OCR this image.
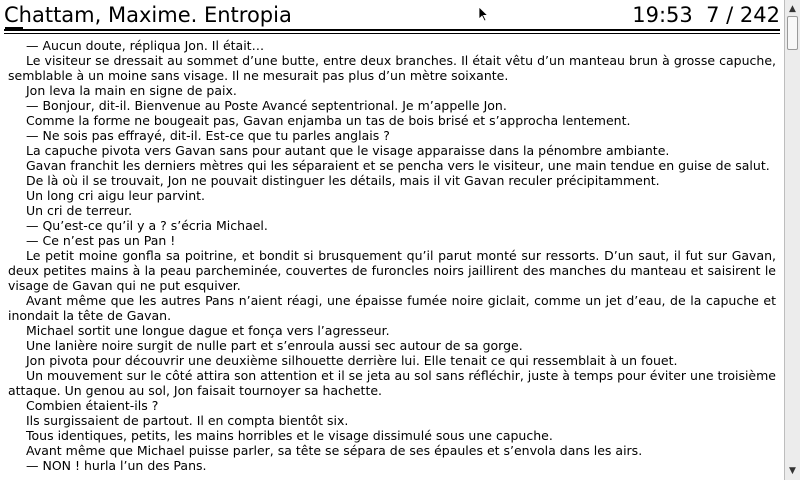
Chattam, Maxime. Entropia	19:53 7 / 242

— Aucun doute, répliqua Jon. Il était…

Le visiteur se dressait au sommet d’une butte, entre deux branches. Il était vêtu d’un manteau brun à grosse capuche, semblable à un moine sans visage. Il ne mesurait pas plus d’un mètre soixante.

Jon leva la main en signe de paix.

— Bonjour, dit-il. Bienvenue au Poste Avancé septentrional. Je m’appelle Jon.

Comme la forme ne bougeait pas, Gavan enjamba un tas de bois brisé et s’approcha lentement.

— Ne sois pas effrayé, dit-il. Est-ce que tu parles anglais ?

La capuche pivota vers Gavan sans pour autant que le visage apparaisse dans la pénombre ambiante.

Gavan franchit les derniers mètres qui les séparaient et se pencha vers le visiteur, une main tendue en guise de salut.

De là où il se trouvait, Jon ne pouvait distinguer les détails, mais il vit Gavan reculer précipitamment.

Un long cri aigu leur parvint.

Un cri de terreur.

— Qu’est-ce qu’il y a ? s’écria Michael.

— Ce n’est pas un Pan !

Le petit moine gonfla sa poitrine, et bondit si brusquement qu’il parut monté sur ressorts. D’un saut, il fut sur Gavan, deux petites mains à la peau parcheminée, couvertes de furoncles noirs jaillirent des manches du manteau et saisirent le visage de Gavan qui ne put esquiver.

Avant même que les autres Pans n’aient réagi, une épaisse fumée noire giclait, comme un jet d’eau, de la capuche et inondait la tête de Gavan.

Michael sortit une longue dague et fonça vers l’agresseur.

Une lanière noire surgit de nulle part et s’enroula aussi sec autour de sa gorge.

Jon pivota pour découvrir une deuxième silhouette derrière lui. Elle tenait ce qui ressemblait à un fouet.

Un mouvement sur le côté attira son attention et il se jeta au sol sans réfléchir, juste à temps pour éviter une troisième attaque. Un genou au sol, Jon faisait tournoyer sa hachette.

Combien étaient-ils ?

Ils surgissaient de partout. Il en compta bientôt six.

Tous identiques, petits, les mains horribles et le visage dissimulé sous une capuche.

Avant même que Michael puisse parler, sa tête se sépara de ses épaules et s’envola dans les airs.

— NON ! hurla l’un des Pans.

▲
▼
